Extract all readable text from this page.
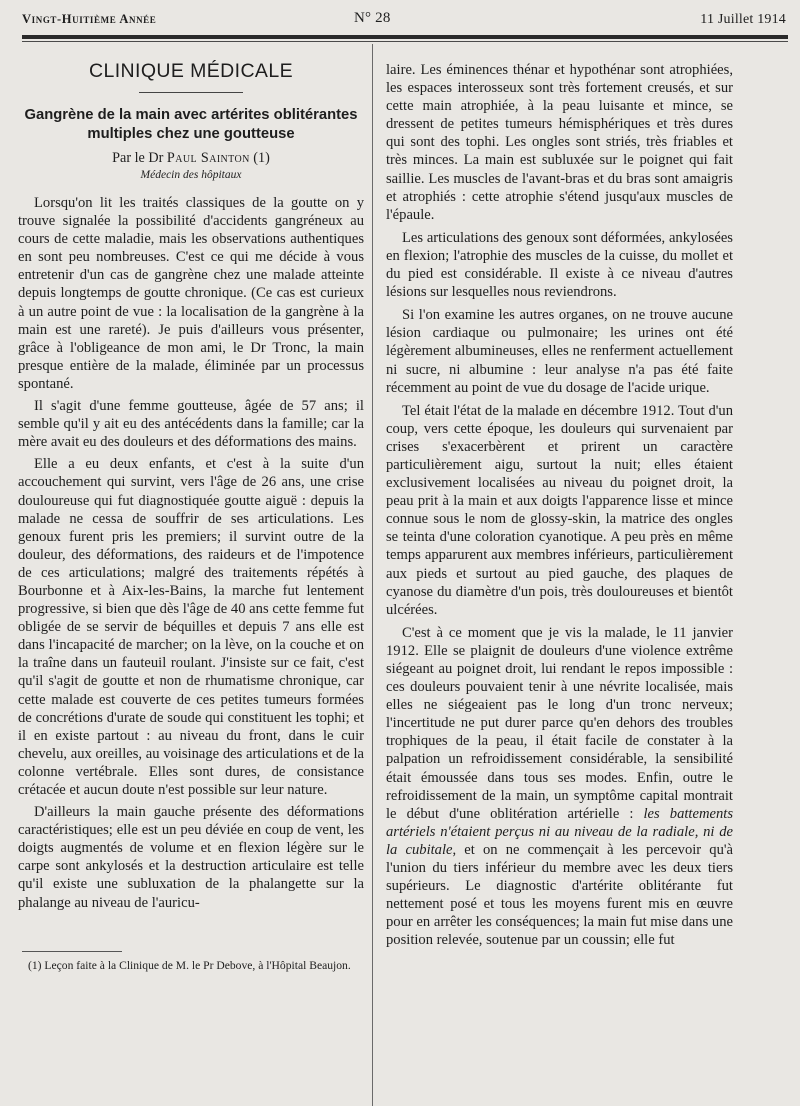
Vingt-Huitième Année	N° 28	11 Juillet 1914
CLINIQUE MÉDICALE
Gangrène de la main avec artérites oblitérantes multiples chez une goutteuse
Par le Dr Paul Sainton (1)
Médecin des hôpitaux

Lorsqu'on lit les traités classiques de la goutte on y trouve signalée la possibilité d'accidents gangréneux au cours de cette maladie, mais les observations authentiques en sont peu nombreuses. C'est ce qui me décide à vous entretenir d'un cas de gangrène chez une malade atteinte depuis longtemps de goutte chronique. (Ce cas est curieux à un autre point de vue : la localisation de la gangrène à la main est une rareté). Je puis d'ailleurs vous présenter, grâce à l'obligeance de mon ami, le Dr Tronc, la main presque entière de la malade, éliminée par un processus spontané.

Il s'agit d'une femme goutteuse, âgée de 57 ans; il semble qu'il y ait eu des antécédents dans la famille; car la mère avait eu des douleurs et des déformations des mains.

Elle a eu deux enfants, et c'est à la suite d'un accouchement qui survint, vers l'âge de 26 ans, une crise douloureuse qui fut diagnostiquée goutte aiguë : depuis la malade ne cessa de souffrir de ses articulations. Les genoux furent pris les premiers; il survint outre de la douleur, des déformations, des raideurs et de l'impotence de ces articulations; malgré des traitements répétés à Bourbonne et à Aix-les-Bains, la marche fut lentement progressive, si bien que dès l'âge de 40 ans cette femme fut obligée de se servir de béquilles et depuis 7 ans elle est dans l'incapacité de marcher; on la lève, on la couche et on la traîne dans un fauteuil roulant. J'insiste sur ce fait, c'est qu'il s'agit de goutte et non de rhumatisme chronique, car cette malade est couverte de ces petites tumeurs formées de concrétions d'urate de soude qui constituent les tophi; et il en existe partout : au niveau du front, dans le cuir chevelu, aux oreilles, au voisinage des articulations et de la colonne vertébrale. Elles sont dures, de consistance crétacée et aucun doute n'est possible sur leur nature.

D'ailleurs la main gauche présente des déformations caractéristiques; elle est un peu déviée en coup de vent, les doigts augmentés de volume et en flexion légère sur le carpe sont ankylosés et la destruction articulaire est telle qu'il existe une subluxation de la phalangette sur la phalange au niveau de l'auricu-

(1) Leçon faite à la Clinique de M. le Pr Debove, à l'Hôpital Beaujon.

laire. Les éminences thénar et hypothénar sont atrophiées, les espaces interosseux sont très fortement creusés, et sur cette main atrophiée, à la peau luisante et mince, se dressent de petites tumeurs hémisphériques et très dures qui sont des tophi. Les ongles sont striés, très friables et très minces. La main est subluxée sur le poignet qui fait saillie. Les muscles de l'avant-bras et du bras sont amaigris et atrophiés : cette atrophie s'étend jusqu'aux muscles de l'épaule.

Les articulations des genoux sont déformées, ankylosées en flexion; l'atrophie des muscles de la cuisse, du mollet et du pied est considérable. Il existe à ce niveau d'autres lésions sur lesquelles nous reviendrons.

Si l'on examine les autres organes, on ne trouve aucune lésion cardiaque ou pulmonaire; les urines ont été légèrement albumineuses, elles ne renferment actuellement ni sucre, ni albumine : leur analyse n'a pas été faite récemment au point de vue du dosage de l'acide urique.

Tel était l'état de la malade en décembre 1912. Tout d'un coup, vers cette époque, les douleurs qui survenaient par crises s'exacerbèrent et prirent un caractère particulièrement aigu, surtout la nuit; elles étaient exclusivement localisées au niveau du poignet droit, la peau prit à la main et aux doigts l'apparence lisse et mince connue sous le nom de glossy-skin, la matrice des ongles se teinta d'une coloration cyanotique. A peu près en même temps apparurent aux membres inférieurs, particulièrement aux pieds et surtout au pied gauche, des plaques de cyanose du diamètre d'un pois, très douloureuses et bientôt ulcérées.

C'est à ce moment que je vis la malade, le 11 janvier 1912. Elle se plaignit de douleurs d'une violence extrême siégeant au poignet droit, lui rendant le repos impossible : ces douleurs pouvaient tenir à une névrite localisée, mais elles ne siégeaient pas le long d'un tronc nerveux; l'incertitude ne put durer parce qu'en dehors des troubles trophiques de la peau, il était facile de constater à la palpation un refroidissement considérable, la sensibilité était émoussée dans tous ses modes. Enfin, outre le refroidissement de la main, un symptôme capital montrait le début d'une oblitération artérielle : les battements artériels n'étaient perçus ni au niveau de la radiale, ni de la cubitale, et on ne commençait à les percevoir qu'à l'union du tiers inférieur du membre avec les deux tiers supérieurs. Le diagnostic d'artérite oblitérante fut nettement posé et tous les moyens furent mis en œuvre pour en arrêter les conséquences; la main fut mise dans une position relevée, soutenue par un coussin; elle fut
